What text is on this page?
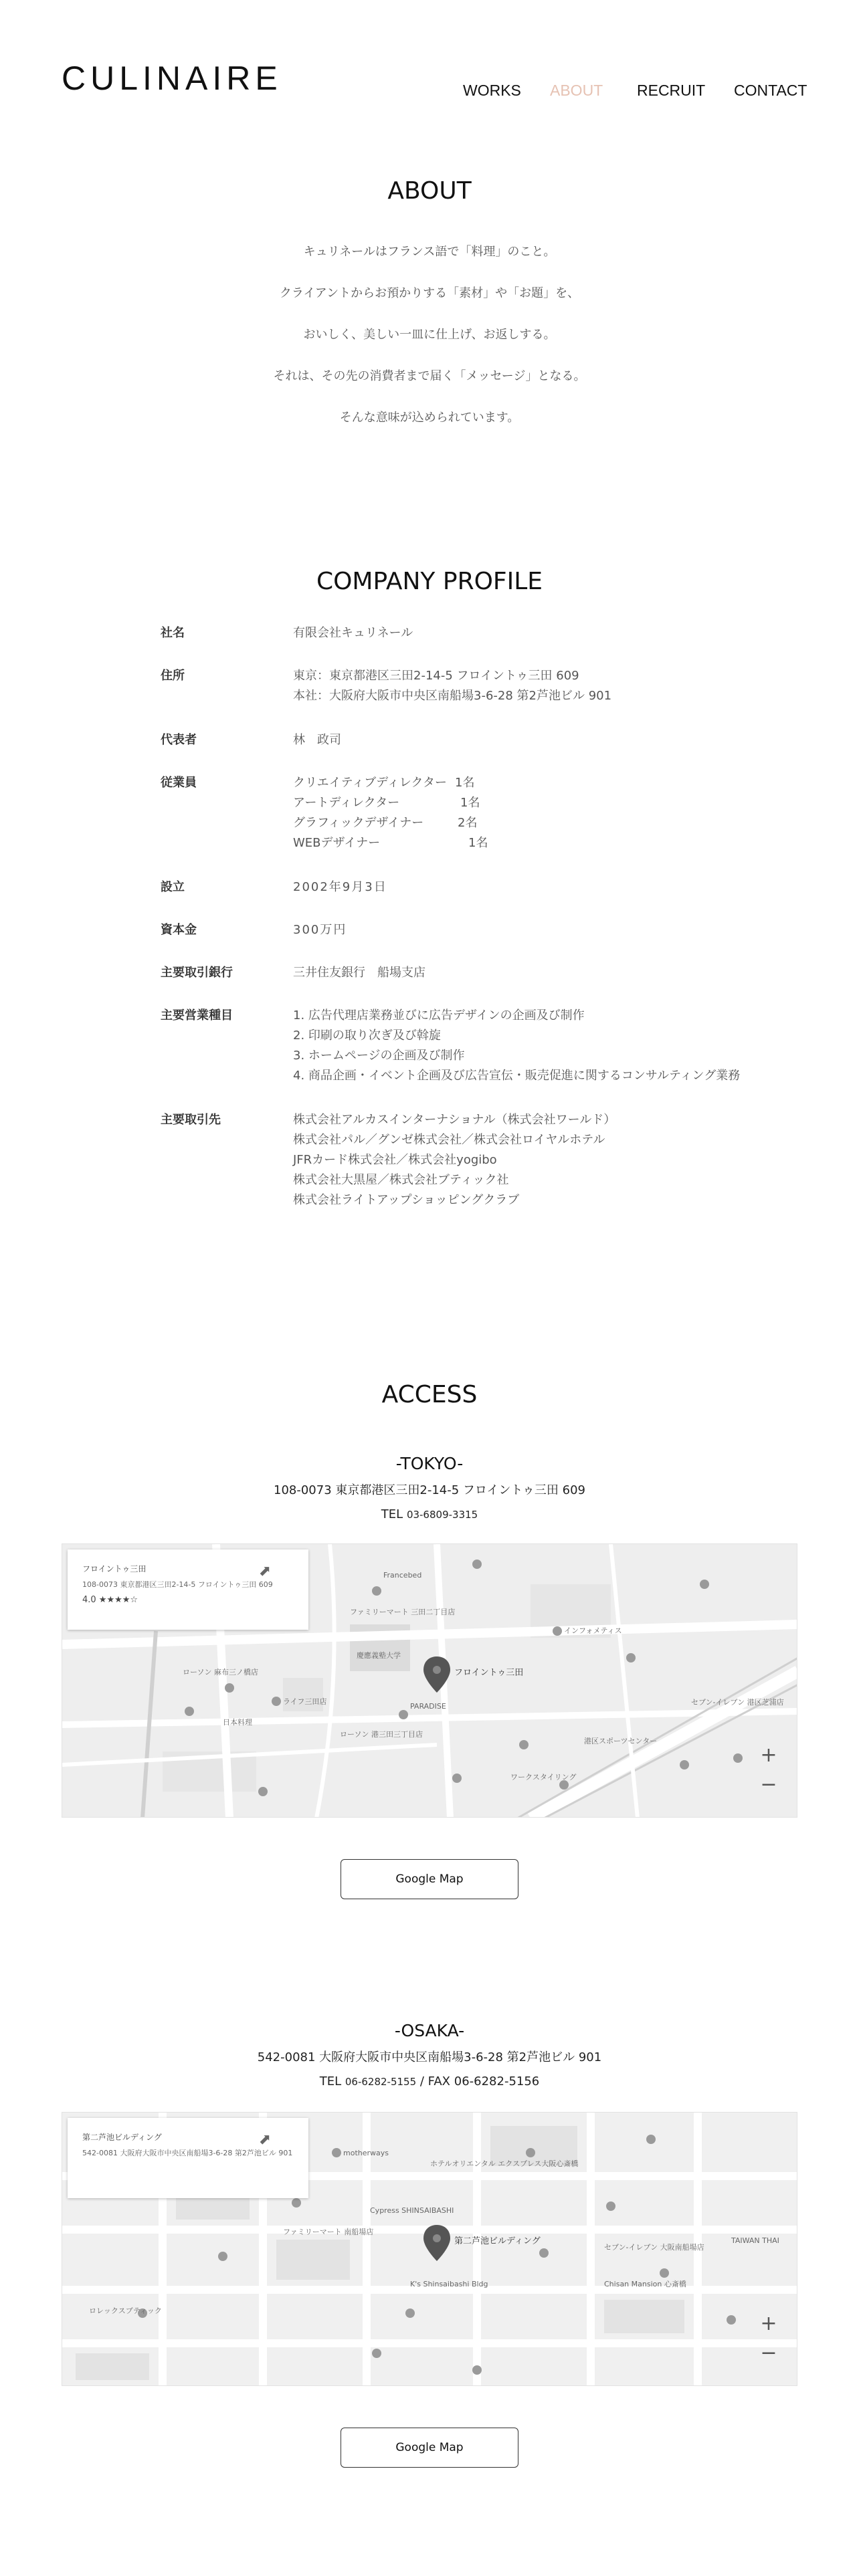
CULINAIRE	WORKS ABOUT RECRUIT CONTACT
ABOUT

キュリネールはフランス語で「料理」のこと。

クライアントからお預かりする「素材」や「お題」を、

おいしく、美しい一皿に仕上げ、お返しする。

それは、その先の消費者まで届く「メッセージ」となる。

そんな意味が込められています。

COMPANY PROFILE
社名	有限会社キュリネール
住所	東京：東京都港区三田2-14-5 フロイントゥ三田 609
本社：大阪府大阪市中央区南船場3-6-28 第2芦池ビル 901
代表者	林　政司
従業員	クリエイティブディレクター 1名
アートディレクター	1名
グラフィックデザイナー	2名
WEBデザイナー	1名
設立	2002年9月3日
資本金	300万円
主要取引銀行	三井住友銀行　船場支店
主要営業種目	1. 広告代理店業務並びに広告デザインの企画及び制作
2. 印刷の取り次ぎ及び斡旋
3. ホームページの企画及び制作
4. 商品企画・イベント企画及び広告宣伝・販売促進に関するコンサルティング業務
主要取引先	株式会社アルカスインターナショナル（株式会社ワールド）
株式会社パル／グンゼ株式会社／株式会社ロイヤルホテル
JFRカード株式会社／株式会社yogibo
株式会社大黒屋／株式会社ブティック社
株式会社ライトアップショッピングクラブ
ACCESS
-TOKYO-
108-0073 東京都港区三田2-14-5 フロイントゥ三田 609
TEL 03-6809-3315
フロイントゥ三田
Francebed
ファミリーマート 三田二丁目店
慶應義塾大学
インフォメティス
ライフ三田店
ローソン 麻布三ノ橋店
セブン-イレブン 港区芝浦店
PARADISE
日本料理
ローソン 港三田三丁目店
港区スポーツセンター
ワークスタイリング
フロイントゥ三田
108-0073 東京都港区三田2-14-5 フロイントゥ三田 609
4.0 ★★★★☆
⬈
+
−
Google Map
-OSAKA-
542-0081 大阪府大阪市中央区南船場3-6-28 第2芦池ビル 901
TEL 06-6282-5155 / FAX 06-6282-5156
第二芦池ビルディング
motherways
ホテルオリエンタル エクスプレス大阪心斎橋
Cypress SHINSAIBASHI
ファミリーマート 南船場店
セブン-イレブン 大阪南船場店
ロレックスブティック
Chisan Mansion 心斎橋
K's Shinsaibashi Bldg
TAIWAN THAI
第二芦池ビルディング
542-0081 大阪府大阪市中央区南船場3-6-28 第2芦池ビル 901
⬈
+
−
Google Map
